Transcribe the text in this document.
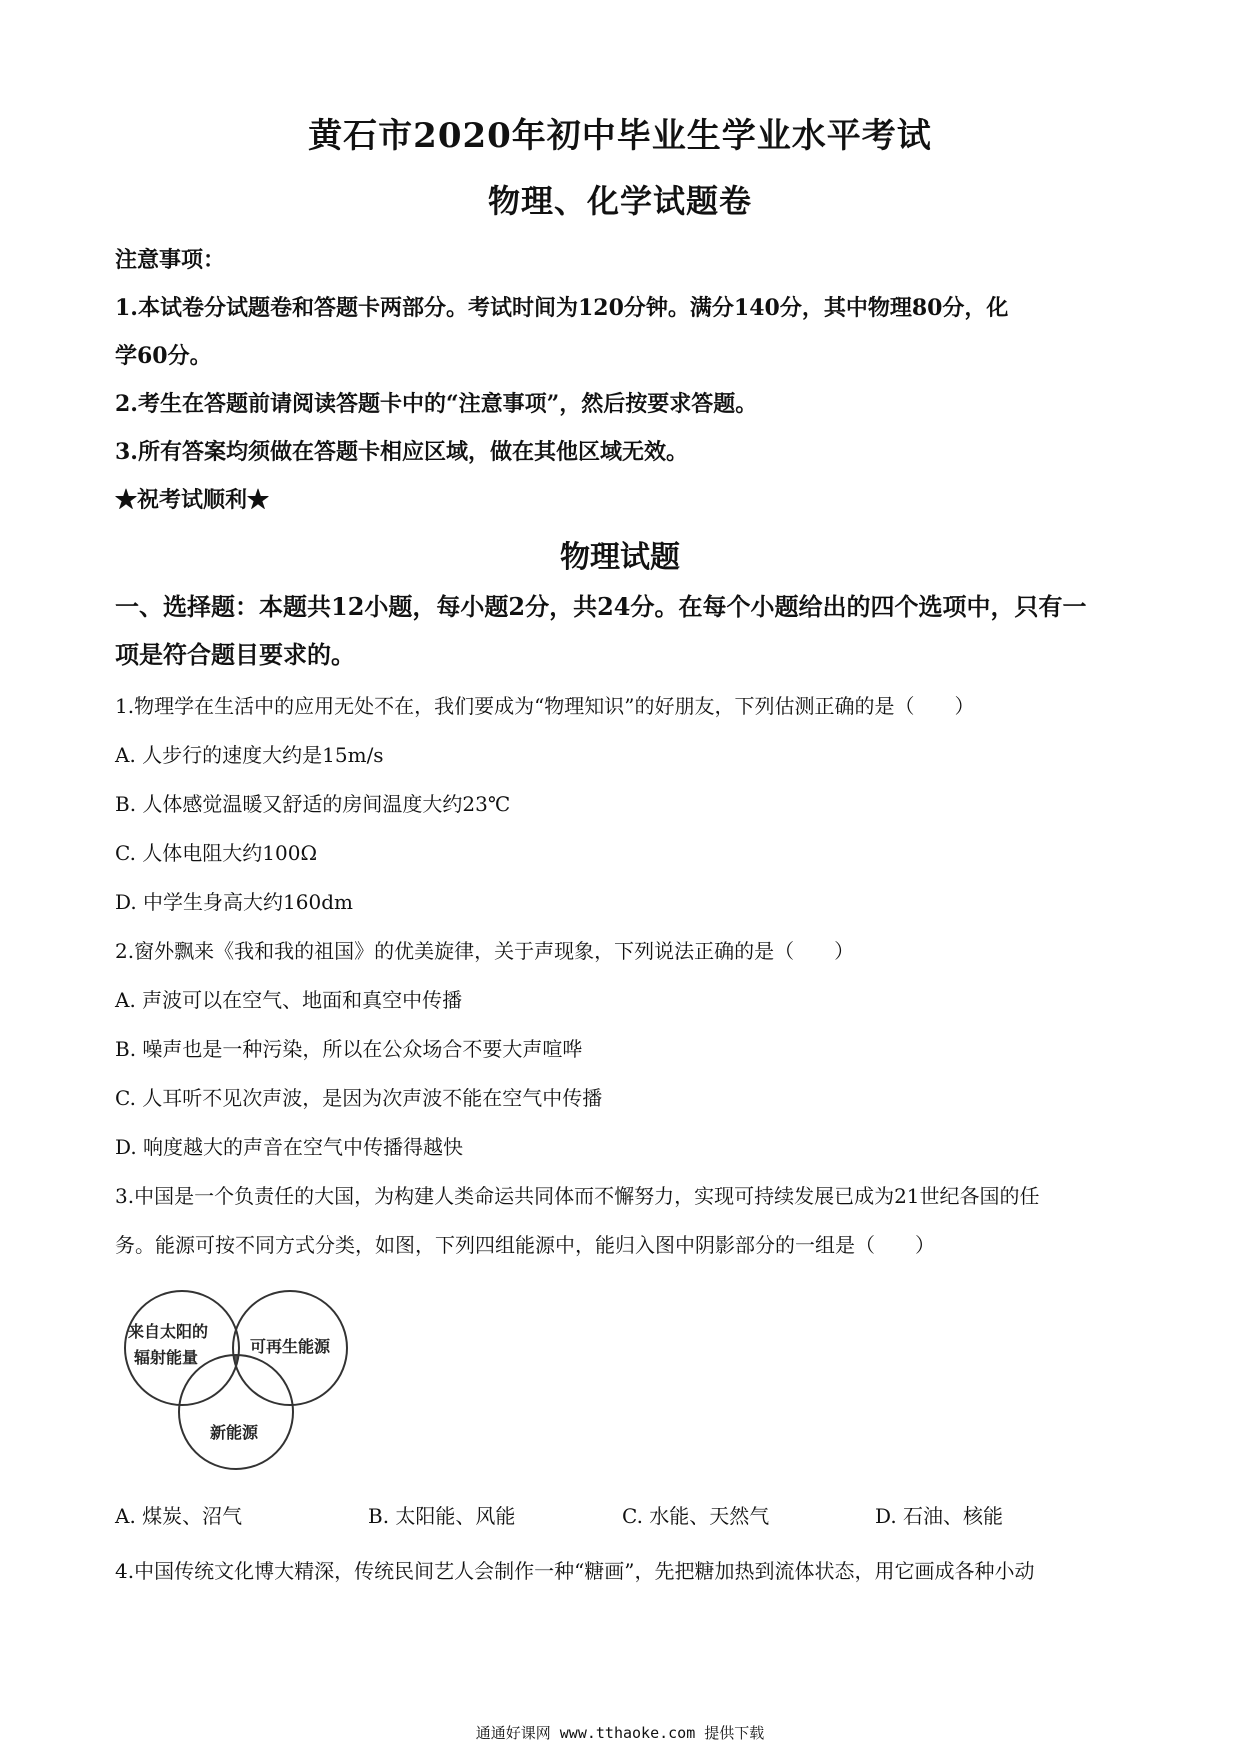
黄石市2020年初中毕业生学业水平考试
物理、化学试题卷
注意事项：
1.本试卷分试题卷和答题卡两部分。考试时间为120分钟。满分140分，其中物理80分，化
学60分。
2.考生在答题前请阅读答题卡中的“注意事项”，然后按要求答题。
3.所有答案均须做在答题卡相应区域，做在其他区域无效。
★祝考试顺利★
物理试题
一、选择题：本题共12小题，每小题2分，共24分。在每个小题给出的四个选项中，只有一
项是符合题目要求的。
1.物理学在生活中的应用无处不在，我们要成为“物理知识”的好朋友，下列估测正确的是（　　）
A. 人步行的速度大约是15m/s
B. 人体感觉温暖又舒适的房间温度大约23℃
C. 人体电阻大约100Ω
D. 中学生身高大约160dm
2.窗外飘来《我和我的祖国》的优美旋律，关于声现象，下列说法正确的是（　　）
A. 声波可以在空气、地面和真空中传播
B. 噪声也是一种污染，所以在公众场合不要大声喧哗
C. 人耳听不见次声波，是因为次声波不能在空气中传播
D. 响度越大的声音在空气中传播得越快
3.中国是一个负责任的大国，为构建人类命运共同体而不懈努力，实现可持续发展已成为21世纪各国的任
务。能源可按不同方式分类，如图，下列四组能源中，能归入图中阴影部分的一组是（　　）
来自太阳的
辐射能量
可再生能源
新能源
A. 煤炭、沼气	B. 太阳能、风能	C. 水能、天然气	D. 石油、核能
4.中国传统文化博大精深，传统民间艺人会制作一种“糖画”，先把糖加热到流体状态，用它画成各种小动
通通好课网 www.tthaoke.com 提供下载
